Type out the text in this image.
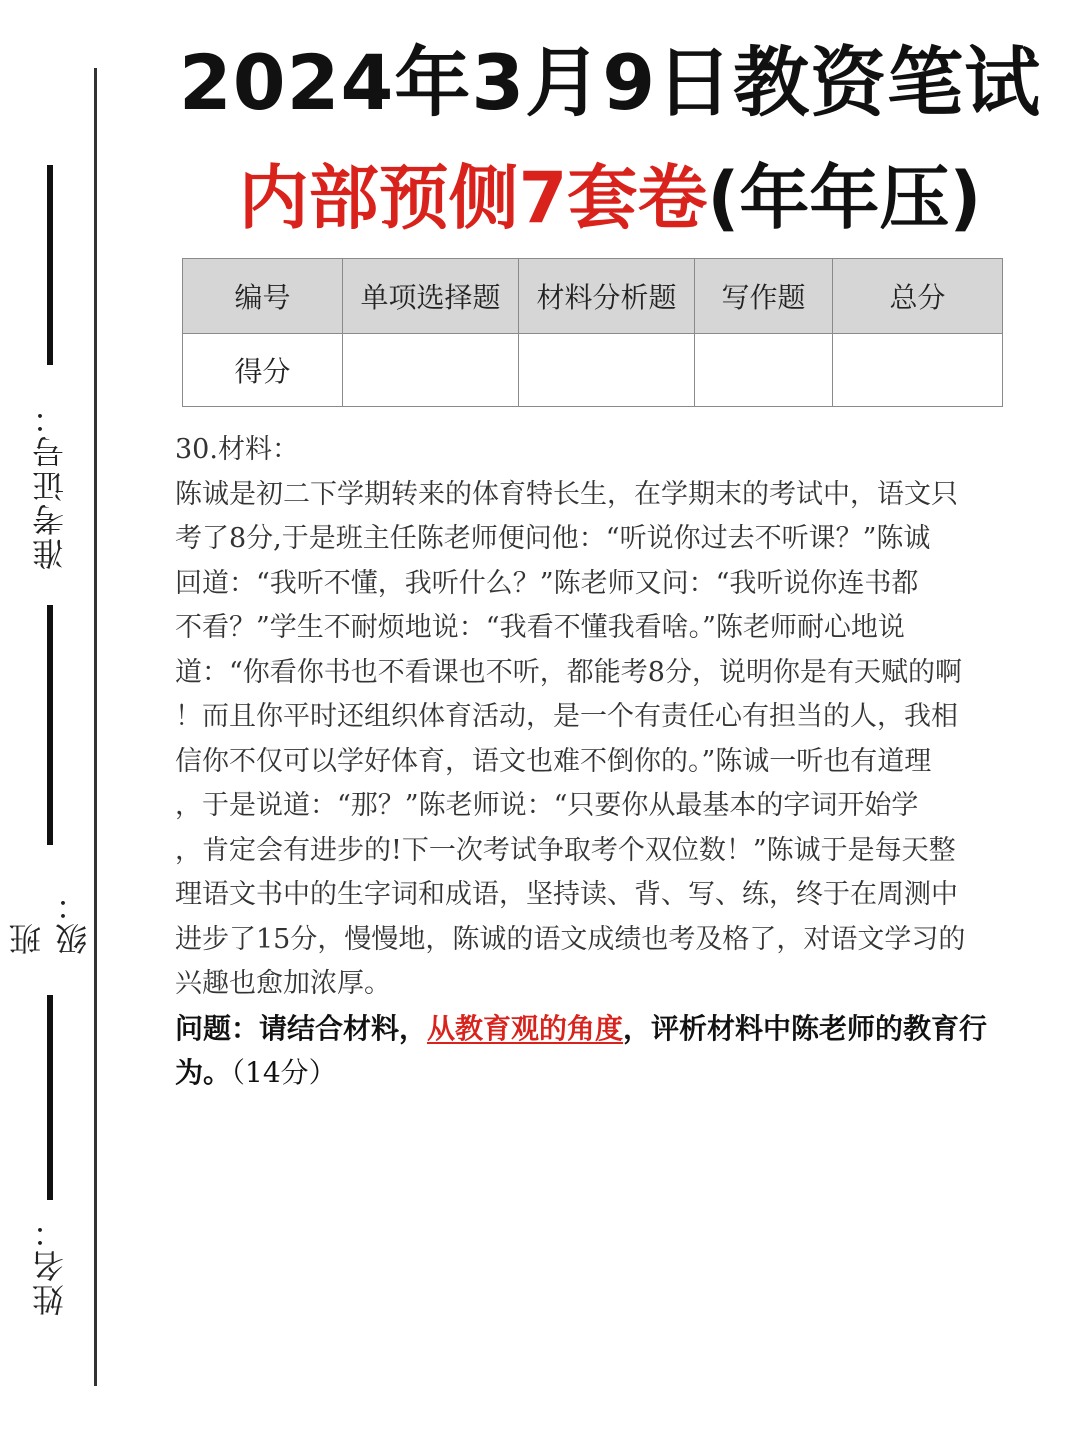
准考证号：
班级：
姓名：
2024年3月9日教资笔试
内部预侧7套卷(年年压)
编号	单项选择题	材料分析题	写作题	总分
得分				

30.材料：

陈诚是初二下学期转来的体育特长生，在学期末的考试中，语文只

考了8分,于是班主任陈老师便问他：“听说你过去不听课？”陈诚

回道：“我听不懂，我听什么？”陈老师又问：“我听说你连书都

不看？”学生不耐烦地说：“我看不懂我看啥。”陈老师耐心地说

道：“你看你书也不看课也不听，都能考8分，说明你是有天赋的啊

！而且你平时还组织体育活动，是一个有责任心有担当的人，我相

信你不仅可以学好体育，语文也难不倒你的。”陈诚一听也有道理

，于是说道：“那？”陈老师说：“只要你从最基本的字词开始学

，肯定会有进步的!下一次考试争取考个双位数！”陈诚于是每天整

理语文书中的生字词和成语，坚持读、背、写、练，终于在周测中

进步了15分，慢慢地，陈诚的语文成绩也考及格了，对语文学习的

兴趣也愈加浓厚。

问题：请结合材料，从教育观的角度，评析材料中陈老师的教育行

为。（14分）
